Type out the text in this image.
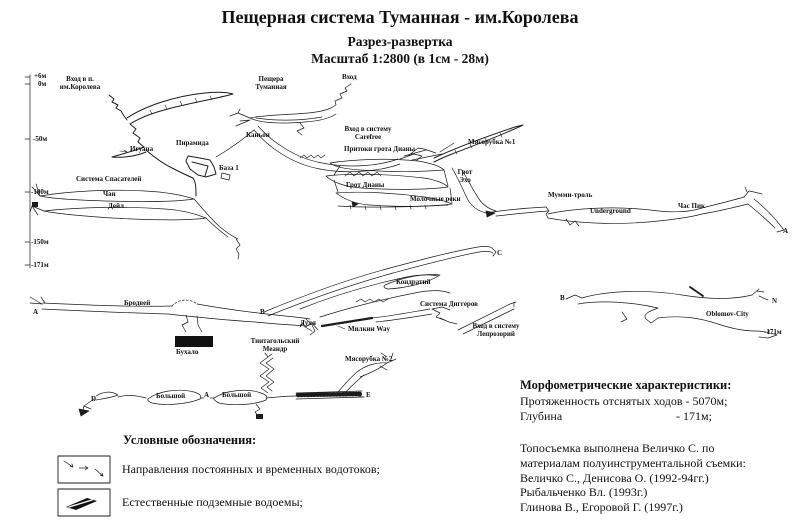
Пещерная система Туманная - им.Королева
Разрез-развертка
Масштаб 1:2800 (в 1см - 28м)
+6м
0м
-50м
-100м
-150м
-171м
Вход в п. им.Королева
Пещера Туманная
Вход
Игуана
Пирамида
Каньон
База 1
Система Спасателей
Чан
Дейл
Вход в систему Carefree
Притоки грота Дианы
Мясорубка №1
Грот Дианы
Грот Эхо
Молочные реки	Мумми-троль
Underground
Час Пик
А
Бродвей
А
Бухало
В
Дуля
Милкин Way
Кондратий
Система Диггеров
Вход в систему Лепрозорий
С
В
Oblomov-City
N
-171м
Тинтагольский Меандр
D	Большой	А Большой
Мясорубка №2
Е
Условные обозначения:
Направления постоянных и временных водотоков;
Естественные подземные водоемы;
Морфометрические характеристики:
Протяженность отснятых ходов - 5070м;
Глубина	- 171м;
Топосъемка выполнена Величко С. по
материалам полуинструментальной съемки:
Величко С., Денисова О. (1992-94гг.)
Рыбальченко Вл. (1993г.)
Глинова В., Егоровой Г. (1997г.)
